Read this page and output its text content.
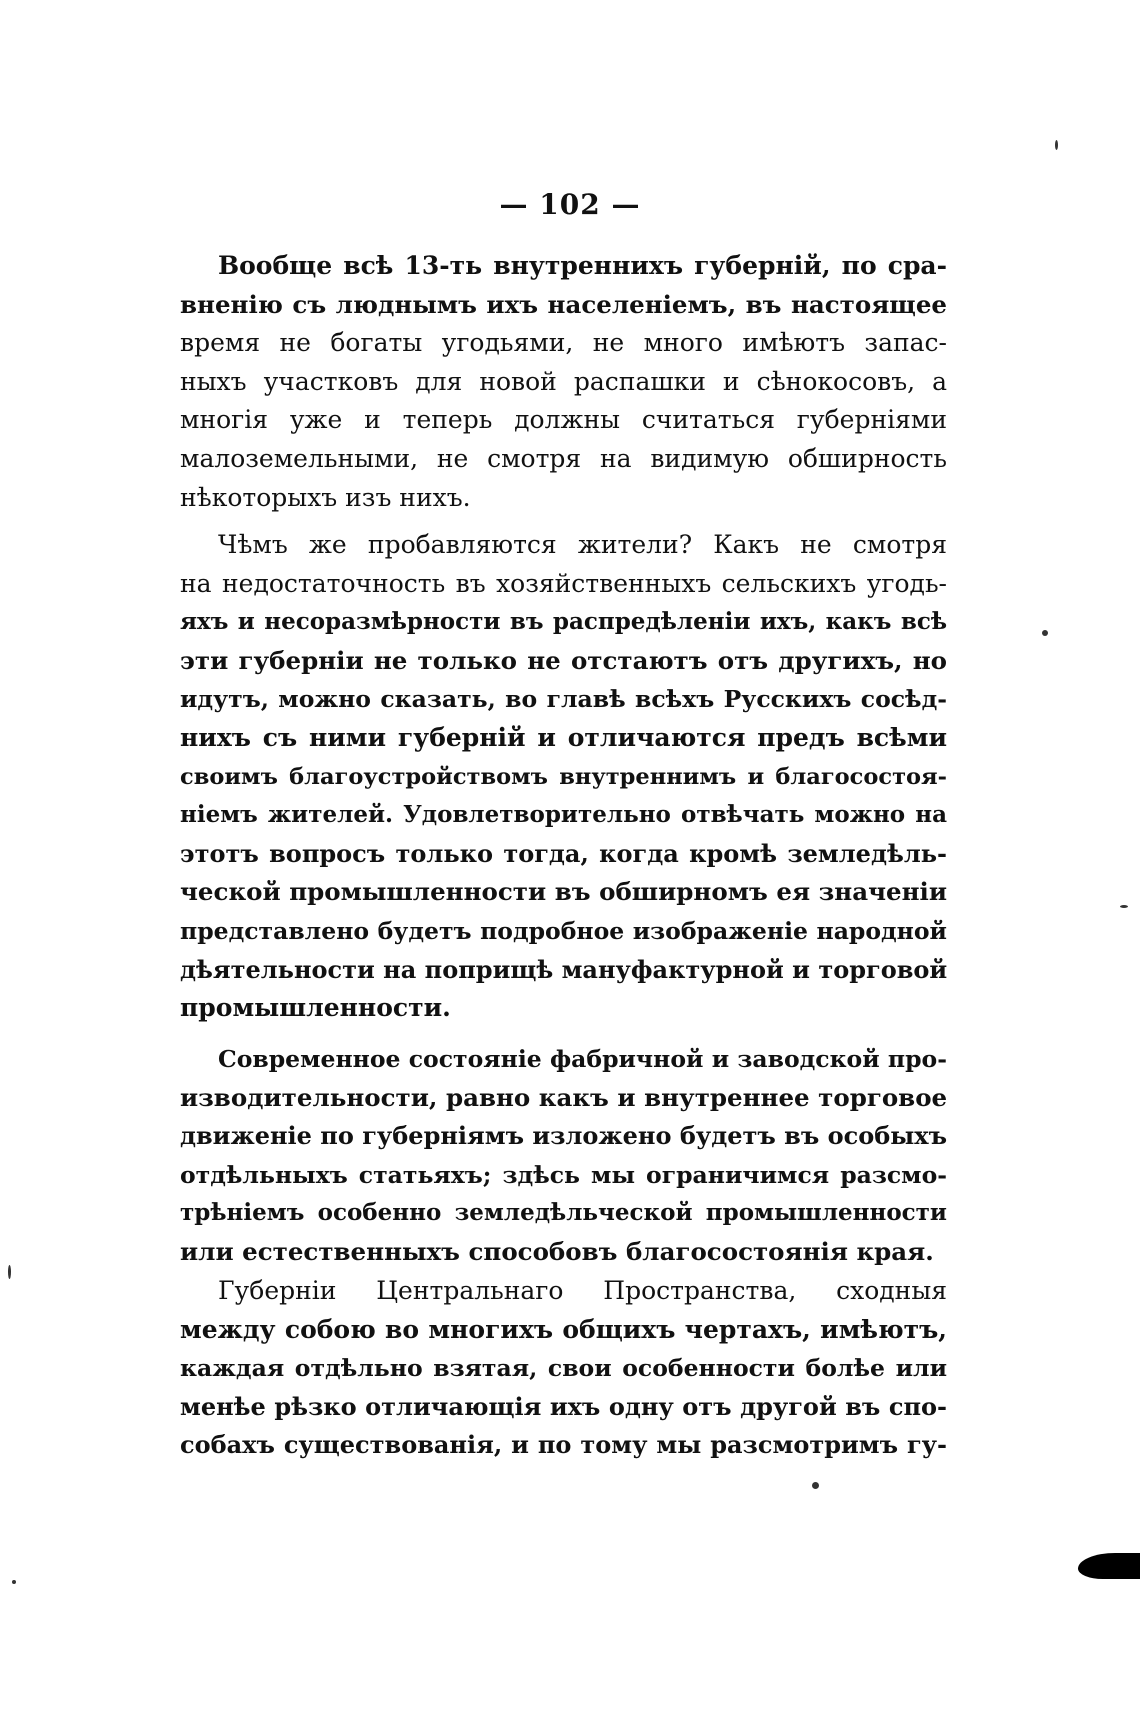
— 102 —
Вообще всѣ 13-ть внутреннихъ губерній, по сра-
вненію съ люднымъ ихъ населеніемъ, въ настоящее
время не богаты угодьями, не много имѣютъ запас-
ныхъ участковъ для новой распашки и сѣнокосовъ, а
многія уже и теперь должны считаться губерніями
малоземельными, не смотря на видимую обширность
нѣкоторыхъ изъ нихъ.
Чѣмъ же пробавляются жители? Какъ не смотря
на недостаточность въ хозяйственныхъ сельскихъ угодь-
яхъ и несоразмѣрности въ распредѣленіи ихъ, какъ всѣ
эти губерніи не только не отстаютъ отъ другихъ, но
идутъ, можно сказать, во главѣ всѣхъ Русскихъ сосѣд-
нихъ съ ними губерній и отличаются предъ всѣми
своимъ благоустройствомъ внутреннимъ и благосостоя-
ніемъ жителей. Удовлетворительно отвѣчать можно на
этотъ вопросъ только тогда, когда кромѣ земледѣль-
ческой промышленности въ обширномъ ея значеніи
представлено будетъ подробное изображеніе народной
дѣятельности на поприщѣ мануфактурной и торговой
промышленности.
Современное состояніе фабричной и заводской про-
изводительности, равно какъ и внутреннее торговое
движеніе по губерніямъ изложено будетъ въ особыхъ
отдѣльныхъ статьяхъ; здѣсь мы ограничимся разсмо-
трѣніемъ особенно земледѣльческой промышленности
или естественныхъ способовъ благосостоянія края.
Губерніи Центральнаго Пространства, сходныя
между собою во многихъ общихъ чертахъ, имѣютъ,
каждая отдѣльно взятая, свои особенности болѣе или
менѣе рѣзко отличающія ихъ одну отъ другой въ спо-
собахъ существованія, и по тому мы разсмотримъ гу-
